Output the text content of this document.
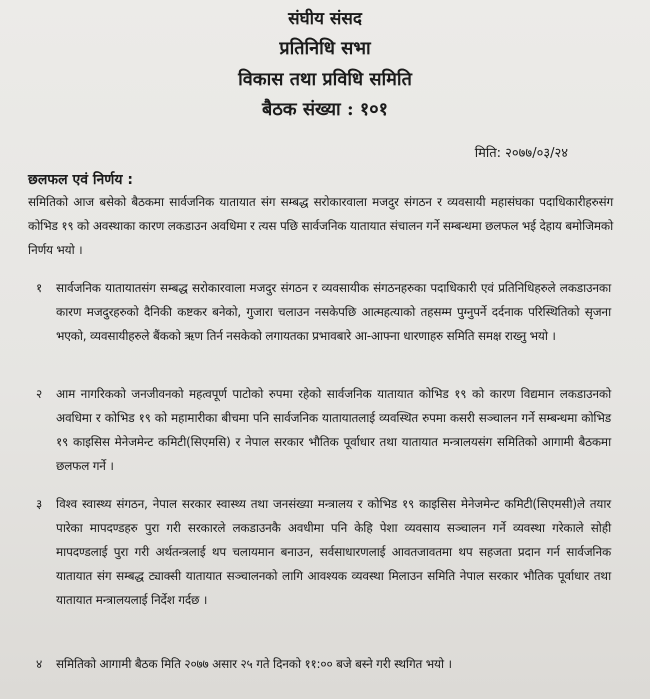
संघीय संसद
प्रतिनिधि सभा
विकास तथा प्रविधि समिति
बैठक संख्या : १०१
मिति: २०७७/०३/२४
छलफल एवं निर्णय :
समितिको आज बसेको बैठकमा सार्वजनिक यातायात संग सम्बद्ध सरोकारवाला मजदुर संगठन र व्यवसायी महासंघका पदाधिकारीहरुसंग कोभिड १९ को अवस्थाका कारण लकडाउन अवधिमा र त्यस पछि सार्वजनिक यातायात संचालन गर्ने सम्बन्धमा छलफल भई देहाय बमोजिमको निर्णय भयो ।
१ सार्वजनिक यातायातसंग सम्बद्ध सरोकारवाला मजदुर संगठन र व्यवसायीक संगठनहरुका पदाधिकारी एवं प्रतिनिधिहरुले लकडाउनका कारण मजदुरहरुको दैनिकी कष्टकर बनेको, गुजारा चलाउन नसकेपछि आत्महत्याको तहसम्म पुग्नुपर्ने दर्दनाक परिस्थितिको सृजना भएको, व्यवसायीहरुले बैंकको ऋण तिर्न नसकेको लगायतका प्रभावबारे आ-आफ्ना धारणाहरु समिति समक्ष राख्नु भयो ।
२ आम नागरिकको जनजीवनको महत्वपूर्ण पाटोको रुपमा रहेको सार्वजनिक यातायात कोभिड १९ को कारण विद्यमान लकडाउनको अवधिमा र कोभिड १९ को महामारीका बीचमा पनि सार्वजनिक यातायातलाई व्यवस्थित रुपमा कसरी सञ्चालन गर्ने सम्बन्धमा कोभिड १९ काइसिस मेनेजमेन्ट कमिटी(सिएमसि) र नेपाल सरकार भौतिक पूर्वाधार तथा यातायात मन्त्रालयसंग समितिको आगामी बैठकमा छलफल गर्ने ।
३ विश्व स्वास्थ्य संगठन, नेपाल सरकार स्वास्थ्य तथा जनसंख्या मन्त्रालय र कोभिड १९ काइसिस मेनेजमेन्ट कमिटी(सिएमसी)ले तयार पारेका मापदण्डहरु पुरा गरी सरकारले लकडाउनकै अवधीमा पनि केहि पेशा व्यवसाय सञ्चालन गर्ने व्यवस्था गरेकाले सोही मापदण्डलाई पुरा गरी अर्थतन्त्रलाई थप चलायमान बनाउन, सर्वसाधारणलाई आवतजावतमा थप सहजता प्रदान गर्न सार्वजनिक यातायात संग सम्बद्ध ट्याक्सी यातायात सञ्चालनको लागि आवश्यक व्यवस्था मिलाउन समिति नेपाल सरकार भौतिक पूर्वाधार तथा यातायात मन्त्रालयलाई निर्देश गर्दछ ।
४ समितिको आगामी बैठक मिति २०७७ असार २५ गते दिनको ११:०० बजे बस्ने गरी स्थगित भयो ।
